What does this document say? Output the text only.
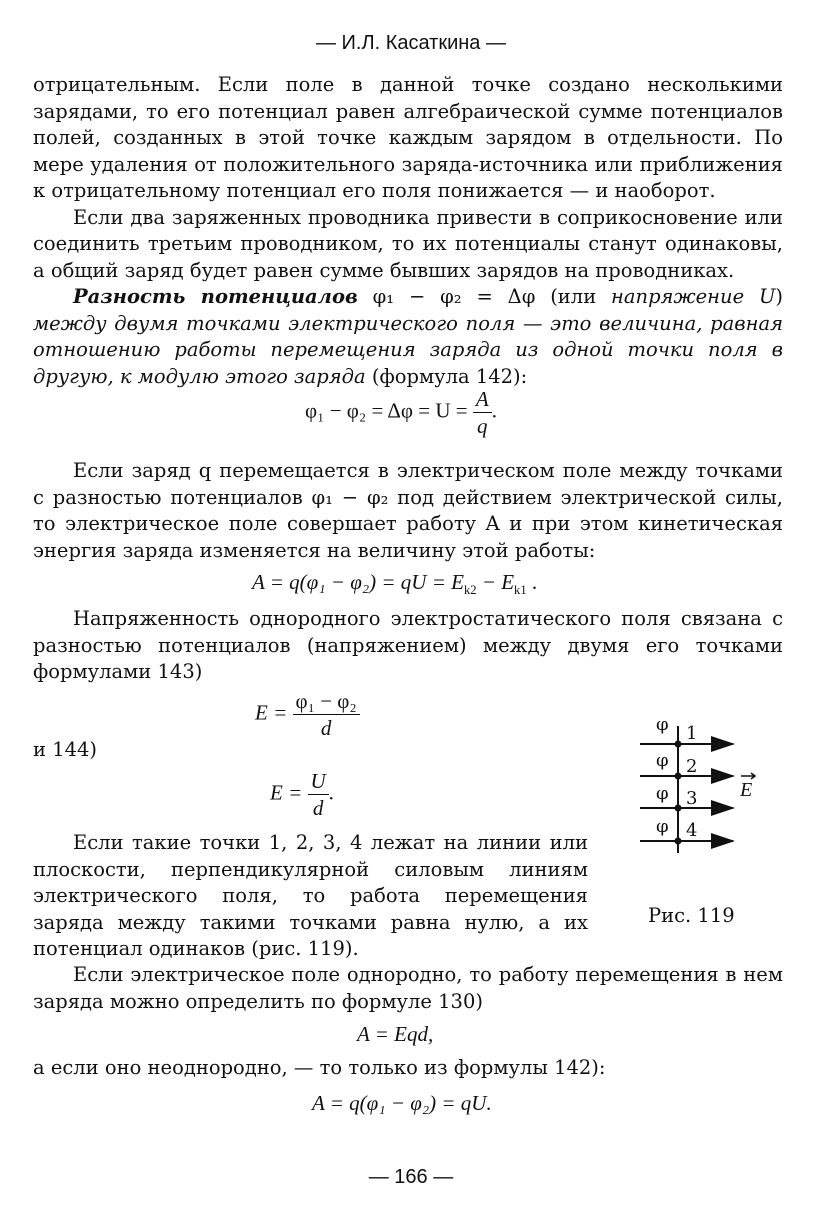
— И.Л. Касаткина —

отрицательным. Если поле в данной точке создано несколькими зарядами, то его потенциал равен алгебраической сумме потенциалов полей, созданных в этой точке каждым зарядом в отдельности. По мере удаления от положительного заряда-источника или приближения к отрицательному потенциал его поля понижается — и наоборот.

Если два заряженных проводника привести в соприкосновение или соединить третьим проводником, то их потенциалы станут одинаковы, а общий заряд будет равен сумме бывших зарядов на проводниках.

Разность потенциалов φ₁ − φ₂ = Δφ (или напряжение U) между двумя точками электрического поля — это величина, равная отношению работы перемещения заряда из одной точки поля в другую, к модулю этого заряда (формула 142):

$\varphi_1 - \varphi_2 = \Delta\varphi = U = \frac{A}{q}$ .
Если заряд q перемещается в электрическом поле между точками с разностью потенциалов φ₁ − φ₂ под действием электрической силы, то электрическое поле совершает работу A и при этом кинетическая энергия заряда изменяется на величину этой работы:
A = q(φ₁ − φ₂) = qU = $E_{k2} - E_{k1}$ .
Напряженность однородного электростатического поля связана с разностью потенциалов (напряжением) между двумя его точками формулами 143)
$E = \frac{\text{φ₁ − φ₂}}{d}$
и 144)
$E = \frac{U}{d}$ .
Если такие точки 1, 2, 3, 4 лежат на линии или плоскости, перпендикулярной силовым линиям электрического поля, то работа перемещения заряда между такими точками равна нулю, а их потенциал одинаков (рис. 119).
φ
φ
φ
φ
1
2
3
4
E
Рис. 119
Если электрическое поле однородно, то работу перемещения в нем заряда можно определить по формуле 130)
A = Eqd,
а если оно неоднородно, — то только из формулы 142):
A = q(φ₁ − φ₂) = qU.
— 166 —
